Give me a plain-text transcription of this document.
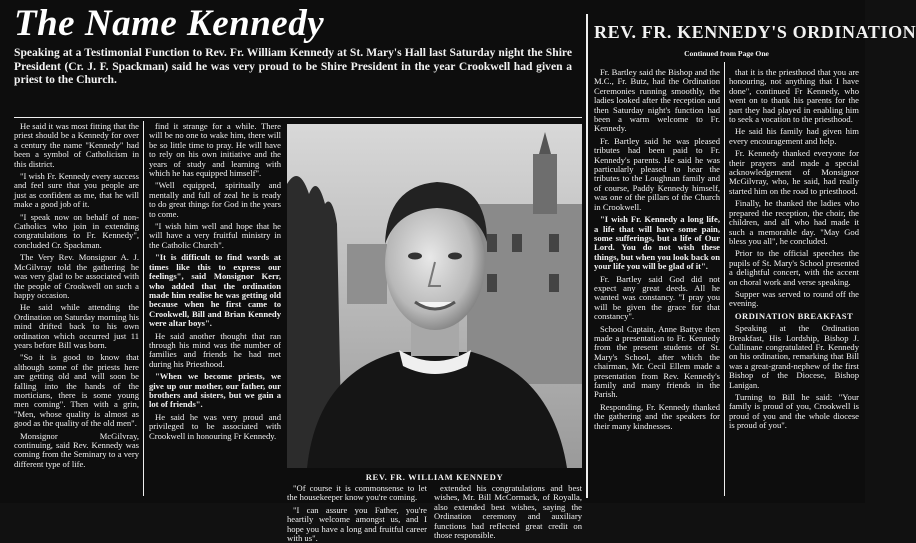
The Name Kennedy
Speaking at a Testimonial Function to Rev. Fr. William Kennedy at St. Mary's Hall last Saturday night the Shire President (Cr. J. F. Spackman) said he was very proud to be Shire President in the year Crookwell had given a priest to the Church.

He said it was most fitting that the priest should be a Kennedy for over a century the name "Kennedy" had been a symbol of Catholicism in this district.

"I wish Fr. Kennedy every success and feel sure that you people are just as confident as me, that he will make a good job of it.

"I speak now on behalf of non-Catholics who join in extending congratulations to Fr. Kennedy", concluded Cr. Spackman.

The Very Rev. Monsignor A. J. McGilvray told the gathering he was very glad to be associated with the people of Crookwell on such a happy occasion.

He said while attending the Ordination on Saturday morning his mind drifted back to his own ordination which occurred just 11 years before Bill was born.

"So it is good to know that although some of the priests here are getting old and will soon be falling into the hands of the morticians, there is some young men coming". Then with a grin, "Men, whose quality is almost as good as the quality of the old men".

Monsignor McGilvray, continuing, said Rev. Kennedy was coming from the Seminary to a very different type of life.

find it strange for a while. There will be no one to wake him, there will be so little time to pray. He will have to rely on his own initiative and the years of study and learning with which he has equipped himself".

"Well equipped, spiritually and mentally and full of zeal he is ready to do great things for God in the years to come.

"I wish him well and hope that he will have a very fruitful ministry in the Catholic Church".

"It is difficult to find words at times like this to express our feelings", said Monsignor Kerr, who added that the ordination made him realise he was getting old because when he first came to Crookwell, Bill and Brian Kennedy were altar boys".

He said another thought that ran through his mind was the number of families and friends he had met during his Priesthood.

"When we become priests, we give up our mother, our father, our brothers and sisters, but we gain a lot of friends".

He said he was very proud and privileged to be associated with Crookwell in honouring Fr Kennedy.

REV. FR. WILLIAM KENNEDY

"Of course it is commonsense to let the housekeeper know you're coming.

"I can assure you Father, you're heartily welcome amongst us, and I hope you have a long and fruitful career with us".

extended his congratulations and best wishes, Mr. Bill McCormack, of Royalla, also extended best wishes, saying the Ordination ceremony and auxiliary functions had reflected great credit on those responsible.

REV. FR. KENNEDY'S ORDINATION
Continued from Page One

Fr. Bartley said the Bishop and the M.C., Fr. Butz, had the Ordination Ceremonies running smoothly, the ladies looked after the reception and then Saturday night's function had been a warm welcome to Fr. Kennedy.

Fr. Bartley said he was pleased tributes had been paid to Fr. Kennedy's parents. He said he was particularly pleased to hear the tributes to the Loughnan family and of course, Paddy Kennedy himself, was one of the pillars of the Church in Crookwell.

"I wish Fr. Kennedy a long life, a life that will have some pain, some sufferings, but a life of Our Lord. You do not wish these things, but when you look back on your life you will be glad of it".

Fr. Bartley said God did not expect any great deeds. All he wanted was constancy. "I pray you will be given the grace for that constancy".

School Captain, Anne Battye then made a presentation to Fr. Kennedy from the present students of St. Mary's School, after which the chairman, Mr. Cecil Ellem made a presentation from Rev. Kennedy's family and many friends in the Parish.

Responding, Fr. Kennedy thanked the gathering and the speakers for their many kindnesses.

that it is the priesthood that you are honouring, not anything that I have done", continued Fr Kennedy, who went on to thank his parents for the part they had played in enabling him to seek a vocation to the priesthood.

He said his family had given him every encouragement and help.

Fr. Kennedy thanked everyone for their prayers and made a special acknowledgement of Monsignor McGilvray, who, he said, had really started him on the road to priesthood.

Finally, he thanked the ladies who prepared the reception, the choir, the children, and all who had made it such a memorable day. "May God bless you all", he concluded.

Prior to the official speeches the pupils of St. Mary's School presented a delightful concert, with the accent on choral work and verse speaking.

Supper was served to round off the evening.

ORDINATION BREAKFAST

Speaking at the Ordination Breakfast, His Lordship, Bishop J. Cullinane congratulated Fr. Kennedy on his ordination, remarking that Bill was a great-grand-nephew of the first Bishop of the Diocese, Bishop Lanigan.

Turning to Bill he said: "Your family is proud of you, Crookwell is proud of you and the whole diocese is proud of you".
